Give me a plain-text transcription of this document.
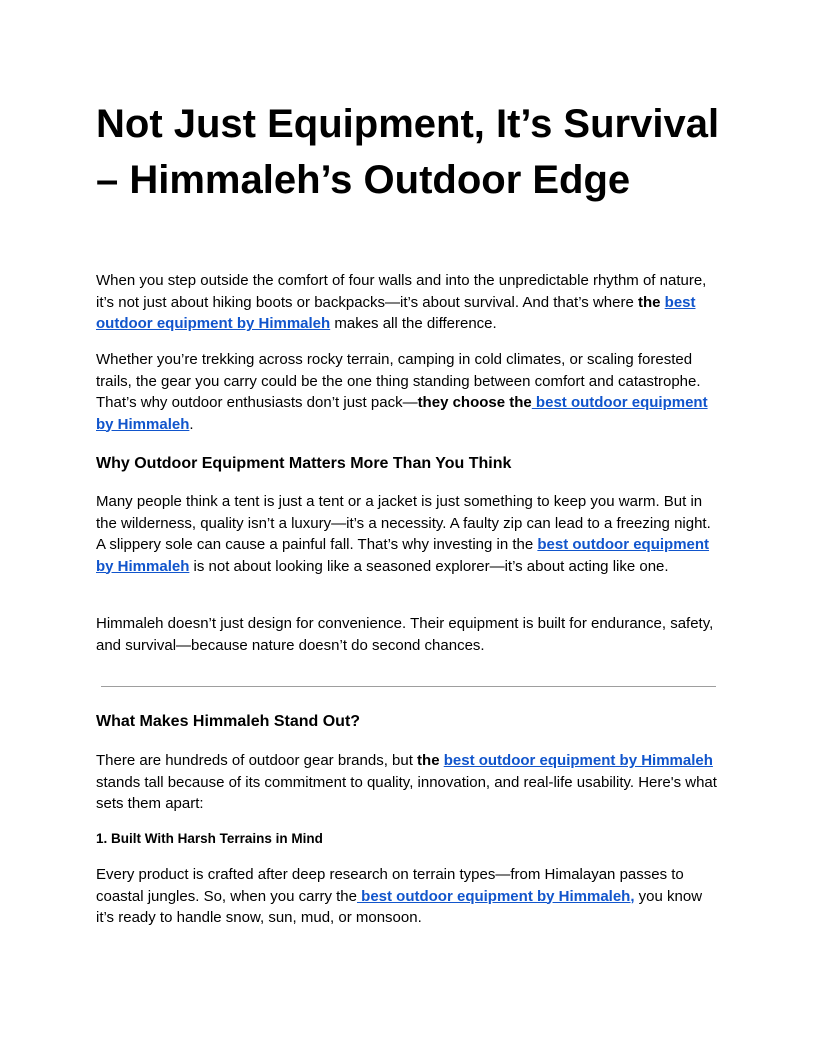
Not Just Equipment, It’s Survival – Himmaleh’s Outdoor Edge

When you step outside the comfort of four walls and into the unpredictable rhythm of nature, it’s not just about hiking boots or backpacks—it’s about survival. And that’s where the best outdoor equipment by Himmaleh makes all the difference.

Whether you’re trekking across rocky terrain, camping in cold climates, or scaling forested trails, the gear you carry could be the one thing standing between comfort and catastrophe. That’s why outdoor enthusiasts don’t just pack—they choose the best outdoor equipment by Himmaleh.

Why Outdoor Equipment Matters More Than You Think

Many people think a tent is just a tent or a jacket is just something to keep you warm. But in the wilderness, quality isn’t a luxury—it’s a necessity. A faulty zip can lead to a freezing night. A slippery sole can cause a painful fall. That’s why investing in the best outdoor equipment by Himmaleh is not about looking like a seasoned explorer—it’s about acting like one.

Himmaleh doesn’t just design for convenience. Their equipment is built for endurance, safety, and survival—because nature doesn’t do second chances.

What Makes Himmaleh Stand Out?

There are hundreds of outdoor gear brands, but the best outdoor equipment by Himmaleh stands tall because of its commitment to quality, innovation, and real-life usability. Here's what sets them apart:

1. Built With Harsh Terrains in Mind

Every product is crafted after deep research on terrain types—from Himalayan passes to coastal jungles. So, when you carry the best outdoor equipment by Himmaleh, you know it’s ready to handle snow, sun, mud, or monsoon.
